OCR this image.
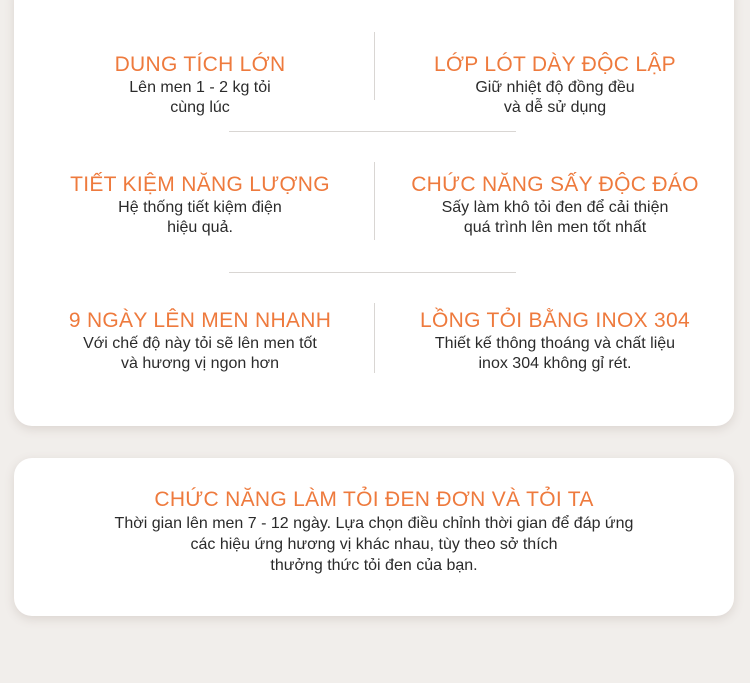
DUNG TÍCH LỚN
Lên men 1 - 2 kg tỏi
cùng lúc
LỚP LÓT DÀY ĐỘC LẬP
Giữ nhiệt độ đồng đều
và dễ sử dụng
TIẾT KIỆM NĂNG LƯỢNG
Hệ thống tiết kiệm điện
hiệu quả.
CHỨC NĂNG SẤY ĐỘC ĐÁO
Sấy làm khô tỏi đen để cải thiện
quá trình lên men tốt nhất
9 NGÀY LÊN MEN NHANH
Với chế độ này tỏi sẽ lên men tốt
và hương vị ngon hơn
LỒNG TỎI BẰNG INOX 304
Thiết kế thông thoáng và chất liệu
inox 304 không gỉ rét.
CHỨC NĂNG LÀM TỎI ĐEN ĐƠN VÀ TỎI TA
Thời gian lên men 7 - 12 ngày. Lựa chọn điều chỉnh thời gian để đáp ứng
các hiệu ứng hương vị khác nhau, tùy theo sở thích
thưởng thức tỏi đen của bạn.
